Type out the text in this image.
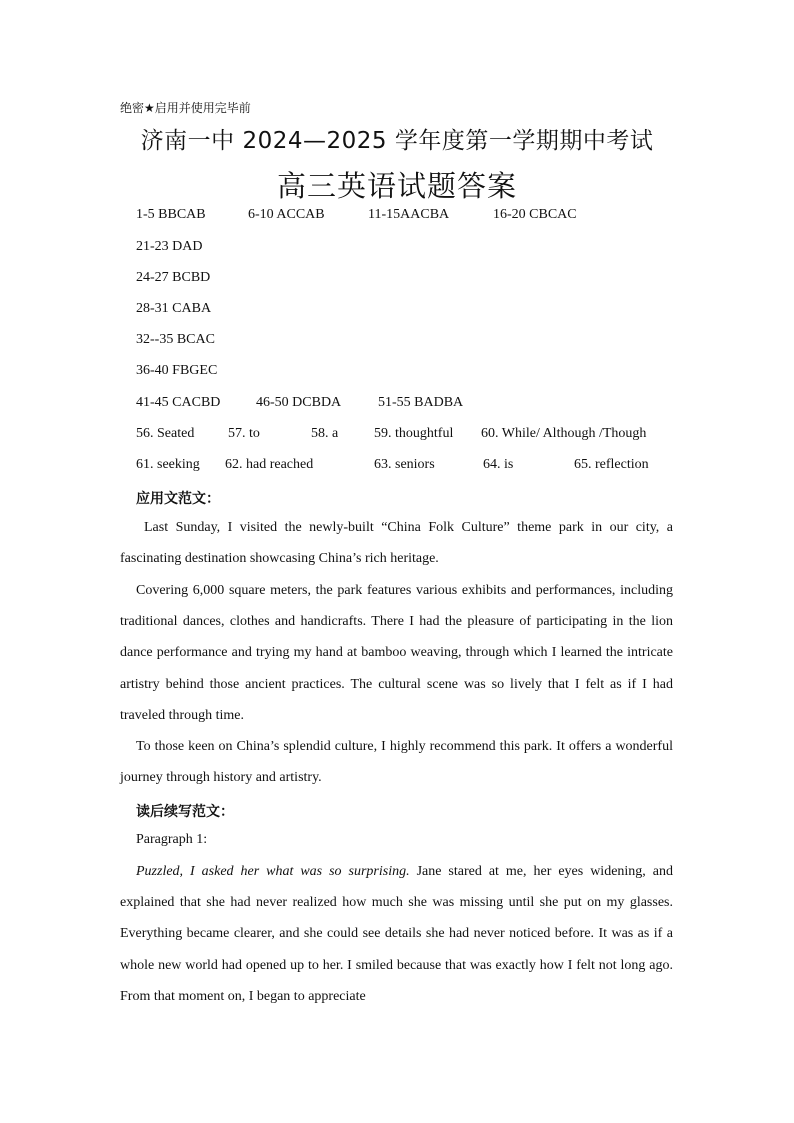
绝密★启用并使用完毕前
济南一中 2024—2025 学年度第一学期期中考试
高三英语试题答案
1-5 BBCAB	6-10 ACCAB	11-15AACBA	16-20 CBCAC
21-23 DAD
24-27 BCBD
28-31 CABA
32--35 BCAC
36-40 FBGEC
41-45 CACBD	46-50 DCBDA	51-55 BADBA
56. Seated 57. to	58. a	59. thoughtful 60. While/ Although /Though
61. seeking 62. had reached	63. seniors	64. is	65. reflection
应用文范文：
Last Sunday, I visited the newly-built “China Folk Culture” theme park in our city, a fascinating destination showcasing China’s rich heritage.
Covering 6,000 square meters, the park features various exhibits and performances, including traditional dances, clothes and handicrafts. There I had the pleasure of participating in the lion dance performance and trying my hand at bamboo weaving, through which I learned the intricate artistry behind those ancient practices. The cultural scene was so lively that I felt as if I had traveled through time.
To those keen on China’s splendid culture, I highly recommend this park. It offers a wonderful journey through history and artistry.
读后续写范文：
Paragraph 1:
Puzzled, I asked her what was so surprising. Jane stared at me, her eyes widening, and explained that she had never realized how much she was missing until she put on my glasses. Everything became clearer, and she could see details she had never noticed before. It was as if a whole new world had opened up to her. I smiled because that was exactly how I felt not long ago. From that moment on, I began to appreciate
